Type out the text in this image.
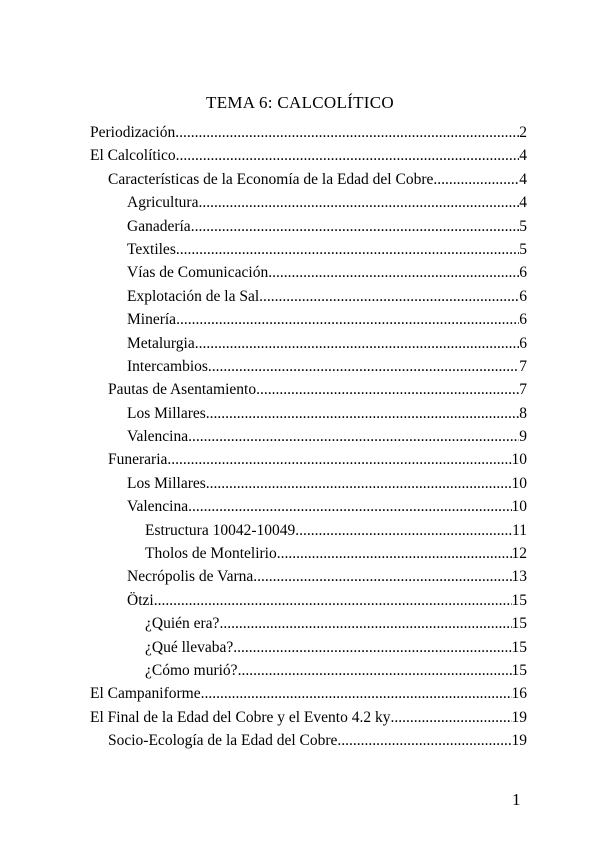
TEMA 6: CALCOLÍTICO
Periodización .....	2
El Calcolítico .....	4
Características de la Economía de la Edad del Cobre .....	4
Agricultura .....	4
Ganadería .....	5
Textiles .....	5
Vías de Comunicación .....	6
Explotación de la Sal .....	6
Minería .....	6
Metalurgia .....	6
Intercambios .....	7
Pautas de Asentamiento .....	7
Los Millares .....	8
Valencina .....	9
Funeraria .....	10
Los Millares .....	10
Valencina .....	10
Estructura 10042-10049 .....	11
Tholos de Montelirio .....	12
Necrópolis de Varna .....	13
Ötzi .....	15
¿Quién era? .....	15
¿Qué llevaba? .....	15
¿Cómo murió? .....	15
El Campaniforme .....	16
El Final de la Edad del Cobre y el Evento 4.2 ky .....	19
Socio-Ecología de la Edad del Cobre .....	19
1
